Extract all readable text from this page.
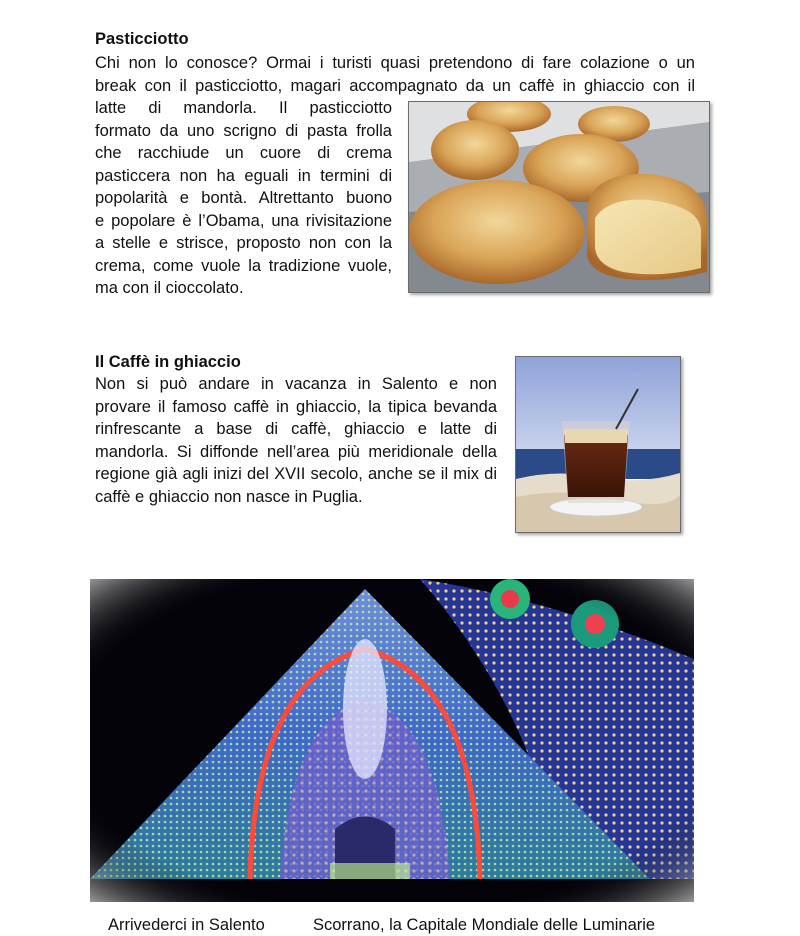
Pasticciotto
Chi non lo conosce? Ormai i turisti quasi pretendono di fare colazione o un
break con il pasticciotto, magari accompagnato da un caffè in ghiaccio con il
latte di mandorla. Il pasticciotto
formato da uno scrigno di pasta frolla
che racchiude un cuore di crema
pasticcera non ha eguali in termini di
popolarità e bontà. Altrettanto buono
e popolare è l’Obama, una rivisitazione
a stelle e strisce, proposto non con la
crema, come vuole la tradizione vuole,
ma con il cioccolato.
Il Caffè in ghiaccio
Non si può andare in vacanza in Salento e non
provare il famoso caffè in ghiaccio, la tipica bevanda
rinfrescante a base di caffè, ghiaccio e latte di
mandorla. Si diffonde nell’area più meridionale della
regione già agli inizi del XVII secolo, anche se il mix di
caffè e ghiaccio non nasce in Puglia.
Arrivederci in Salento	Scorrano, la Capitale Mondiale delle Luminarie
